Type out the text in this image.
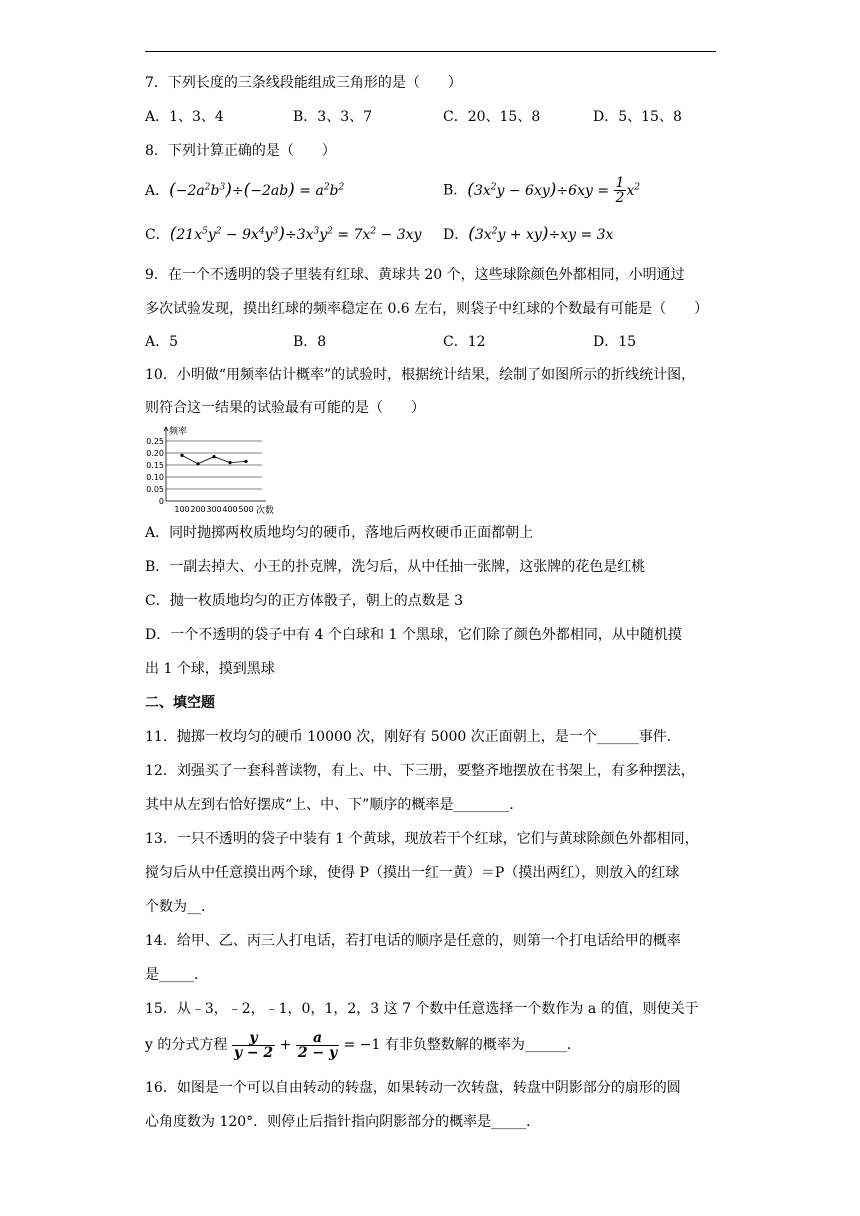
7．下列长度的三条线段能组成三角形的是（　　）
A．1、3、4	B．3、3、7	C．20、15、8	D．5、15、8
8．下列计算正确的是（　　）
A．$(-2a^2b^3)\div(-2ab) = a^2b^2$	B．$(3x^2y - 6xy)\div 6xy = \frac{1}{2} x^2$
C．$(21x^5y^2 - 9x^4y^3)\div 3x^3y^2 = 7x^2 - 3xy$ D．$(3x^2y + xy)\div xy = 3x$
9．在一个不透明的袋子里装有红球、黄球共 20 个，这些球除颜色外都相同，小明通过
多次试验发现，摸出红球的频率稳定在 0.6 左右，则袋子中红球的个数最有可能是（　　）
A．5	B．8	C．12	D．15
10．小明做“用频率估计概率”的试验时，根据统计结果，绘制了如图所示的折线统计图，
则符合这一结果的试验最有可能的是（　　）
0.25
0.20
0.15
0.10
0.05
0
100 200 300 400 500
频率
次数
A．同时抛掷两枚质地均匀的硬币，落地后两枚硬币正面都朝上
B．一副去掉大、小王的扑克牌，洗匀后，从中任抽一张牌，这张牌的花色是红桃
C．抛一枚质地均匀的正方体骰子，朝上的点数是 3
D．一个不透明的袋子中有 4 个白球和 1 个黑球，它们除了颜色外都相同，从中随机摸
出 1 个球，摸到黑球
二、填空题
11．抛掷一枚均匀的硬币 10000 次，刚好有 5000 次正面朝上，是一个______事件．
12．刘强买了一套科普读物，有上、中、下三册，要整齐地摆放在书架上，有多种摆法，
其中从左到右恰好摆成“上、中、下”顺序的概率是________．
13．一只不透明的袋子中装有 1 个黄球，现放若干个红球，它们与黄球除颜色外都相同，
搅匀后从中任意摸出两个球，使得 P（摸出一红一黄）＝P（摸出两红），则放入的红球
个数为__．
14．给甲、乙、丙三人打电话，若打电话的顺序是任意的，则第一个打电话给甲的概率
是_____．
15．从﹣3，﹣2，﹣1，0，1，2，3 这 7 个数中任意选择一个数作为 a 的值，则使关于
y 的分式方程 $\frac{y}{y - 2} + \frac{a}{2 - y} = -1$ 有非负整数解的概率为______．
16．如图是一个可以自由转动的转盘，如果转动一次转盘，转盘中阴影部分的扇形的圆
心角度数为 120°．则停止后指针指向阴影部分的概率是_____．
